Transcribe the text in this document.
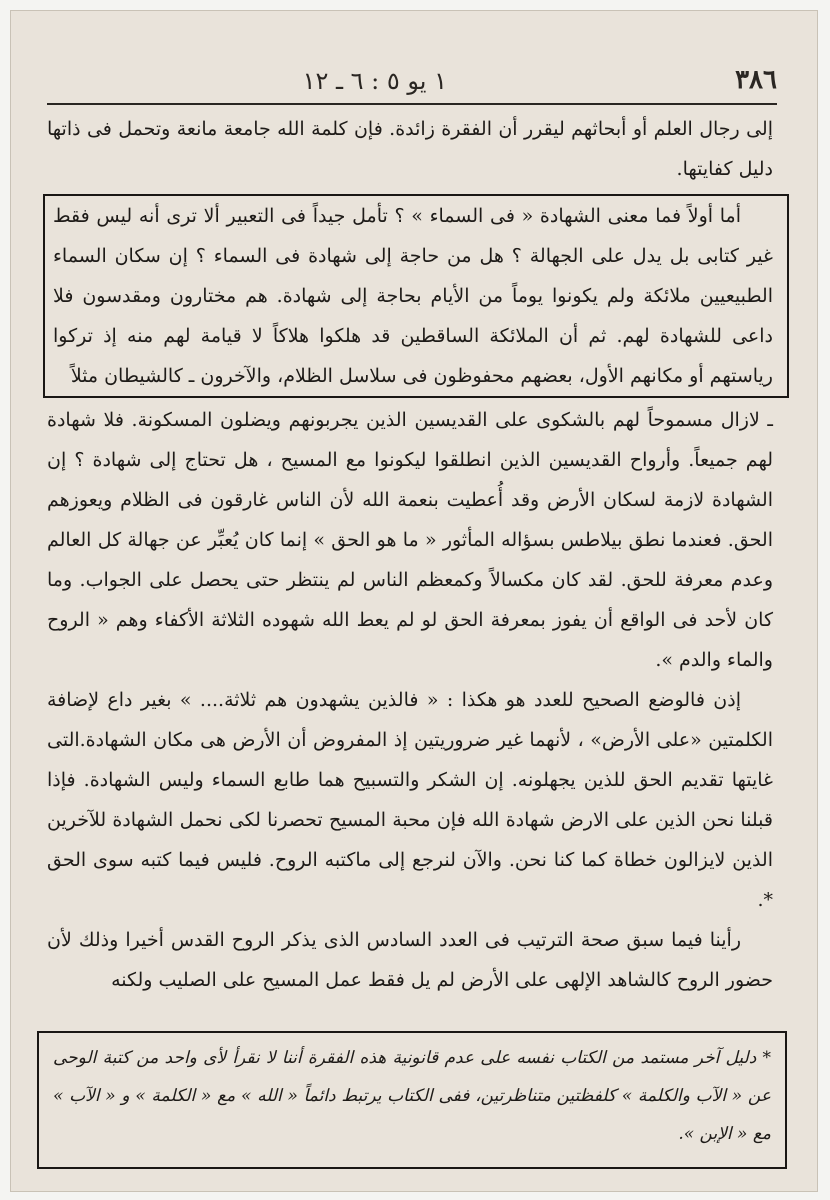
٣٨٦
١ يو ٥ : ٦ ـ ١٢

إلى رجال العلم أو أبحاثهم ليقرر أن الفقرة زائدة. فإن كلمة الله جامعة مانعة وتحمل فى ذاتها دليل كفايتها.

أما أولاً فما معنى الشهادة « فى السماء » ؟ تأمل جيداً فى التعبير ألا ترى أنه ليس فقط غير كتابى بل يدل على الجهالة ؟ هل من حاجة إلى شهادة فى السماء ؟ إن سكان السماء الطبيعيين ملائكة ولم يكونوا يوماً من الأيام بحاجة إلى شهادة. هم مختارون ومقدسون فلا داعى للشهادة لهم. ثم أن الملائكة الساقطين قد هلكوا هلاكاً لا قيامة لهم منه إذ تركوا رياستهم أو مكانهم الأول، بعضهم محفوظون فى سلاسل الظلام، والآخرون ـ كالشيطان مثلاً

ـ لازال مسموحاً لهم بالشكوى على القديسين الذين يجربونهم ويضلون المسكونة. فلا شهادة لهم جميعاً. وأرواح القديسين الذين انطلقوا ليكونوا مع المسيح ، هل تحتاج إلى شهادة ؟ إن الشهادة لازمة لسكان الأرض وقد أُعطيت بنعمة الله لأن الناس غارقون فى الظلام ويعوزهم الحق. فعندما نطق بيلاطس بسؤاله المأثور « ما هو الحق » إنما كان يُعبِّر عن جهالة كل العالم وعدم معرفة للحق. لقد كان مكسالاً وكمعظم الناس لم ينتظر حتى يحصل على الجواب. وما كان لأحد فى الواقع أن يفوز بمعرفة الحق لو لم يعط الله شهوده الثلاثة الأكفاء وهم « الروح والماء والدم ».

إذن فالوضع الصحيح للعدد هو هكذا : « فالذين يشهدون هم ثلاثة.... » بغير داع لإضافة الكلمتين «على الأرض» ، لأنهما غير ضروريتين إذ المفروض أن الأرض هى مكان الشهادة.التى غايتها تقديم الحق للذين يجهلونه. إن الشكر والتسبيح هما طابع السماء وليس الشهادة. فإذا قبلنا نحن الذين على الارض شهادة الله فإن محبة المسيح تحصرنا لكى نحمل الشهادة للآخرين الذين لايزالون خطاة كما كنا نحن. والآن لنرجع إلى ماكتبه الروح. فليس فيما كتبه سوى الحق *.

رأينا فيما سبق صحة الترتيب فى العدد السادس الذى يذكر الروح القدس أخيرا وذلك لأن حضور الروح كالشاهد الإلهى على الأرض لم يل فقط عمل المسيح على الصليب ولكنه

* دليل آخر مستمد من الكتاب نفسه على عدم قانونية هذه الفقرة أننا لا نقرأ لأى واحد من كتبة الوحى عن « الآب والكلمة » كلفظتين متناظرتين، ففى الكتاب يرتبط دائماً « الله » مع « الكلمة » و « الآب » مع « الإبن ».
